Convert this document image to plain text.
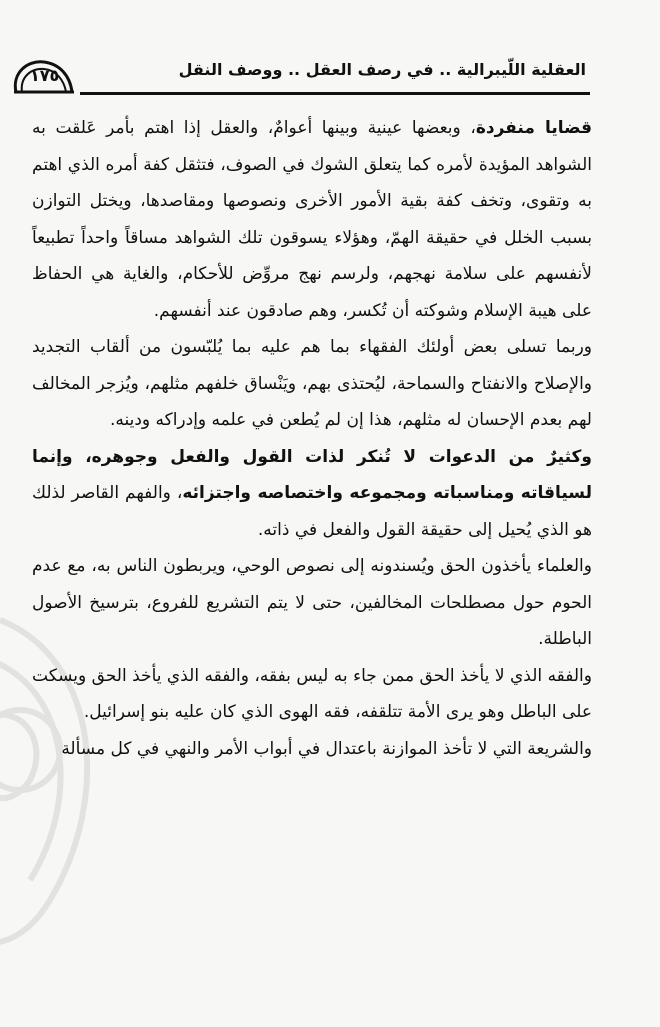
١٧٥	العقلية اللّيبرالية .. في رصف العقل .. ووصف النقل

قضايا منفردة، وبعضها عينية وبينها أعوامٌ، والعقل إذا اهتم بأمر عَلقت به الشواهد المؤيدة لأمره كما يتعلق الشوك في الصوف، فتثقل كفة أمره الذي اهتم به وتقوى، وتخف كفة بقية الأمور الأخرى ونصوصها ومقاصدها، ويختل التوازن بسبب الخلل في حقيقة الهمّ، وهؤلاء يسوقون تلك الشواهد مساقاً واحداً تطبيعاً لأنفسهم على سلامة نهجهم، ولرسم نهج مروِّض للأحكام، والغاية هي الحفاظ على هيبة الإسلام وشوكته أن تُكسر، وهم صادقون عند أنفسهم.

وربما تسلى بعض أولئك الفقهاء بما هم عليه بما يُلبّسون من ألقاب التجديد والإصلاح والانفتاح والسماحة، ليُحتذى بهم، ويَنْساق خلفهم مثلهم، ويُزجر المخالف لهم بعدم الإحسان له مثلهم، هذا إن لم يُطعن في علمه وإدراكه ودينه.

وكثيرٌ من الدعوات لا تُنكر لذات القول والفعل وجوهره، وإنما لسياقاته ومناسباته ومجموعه واختصاصه واجتزائه، والفهم القاصر لذلك هو الذي يُحيل إلى حقيقة القول والفعل في ذاته.

والعلماء يأخذون الحق ويُسندونه إلى نصوص الوحي، ويربطون الناس به، مع عدم الحوم حول مصطلحات المخالفين، حتى لا يتم التشريع للفروع، بترسيخ الأصول الباطلة.

والفقه الذي لا يأخذ الحق ممن جاء به ليس بفقه، والفقه الذي يأخذ الحق ويسكت على الباطل وهو يرى الأمة تتلقفه، فقه الهوى الذي كان عليه بنو إسرائيل.

والشريعة التي لا تأخذ الموازنة باعتدال في أبواب الأمر والنهي في كل مسألة
